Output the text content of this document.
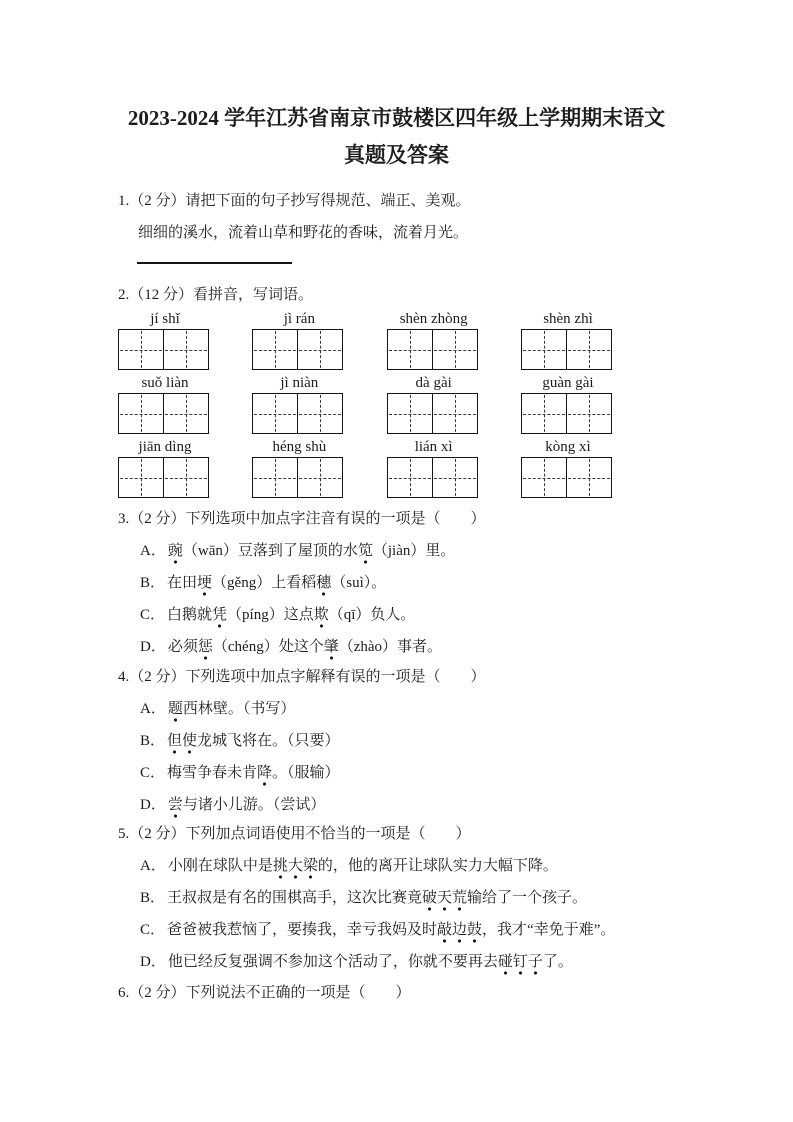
2023-2024 学年江苏省南京市鼓楼区四年级上学期期末语文
真题及答案
1.（2 分）请把下面的句子抄写得规范、端正、美观。
细细的溪水，流着山草和野花的香味，流着月光。
2.（12 分）看拼音，写词语。
jí shǐ	jì rán	shèn zhòng	shèn zhì
suǒ liàn	jì niàn	dà gài	guàn gài
jiān dìng	héng shù	lián xì	kòng xì
3.（2 分）下列选项中加点字注音有误的一项是（　　）
A． 豌（wān）豆落到了屋顶的水笕（jiàn）里。
B． 在田埂（gěng）上看稻穗（suì）。
C． 白鹅就凭（píng）这点欺（qī）负人。
D． 必须惩（chéng）处这个肇（zhào）事者。
4.（2 分）下列选项中加点字解释有误的一项是（　　）
A． 题西林壁。（书写）
B． 但使龙城飞将在。（只要）
C． 梅雪争春未肯降。（服输）
D． 尝与诸小儿游。（尝试）
5.（2 分）下列加点词语使用不恰当的一项是（　　）
A． 小刚在球队中是挑大梁的，他的离开让球队实力大幅下降。
B． 王叔叔是有名的围棋高手，这次比赛竟破天荒输给了一个孩子。
C． 爸爸被我惹恼了，要揍我，幸亏我妈及时敲边鼓，我才“幸免于难”。
D． 他已经反复强调不参加这个活动了，你就不要再去碰钉子了。
6.（2 分）下列说法不正确的一项是（　　）
